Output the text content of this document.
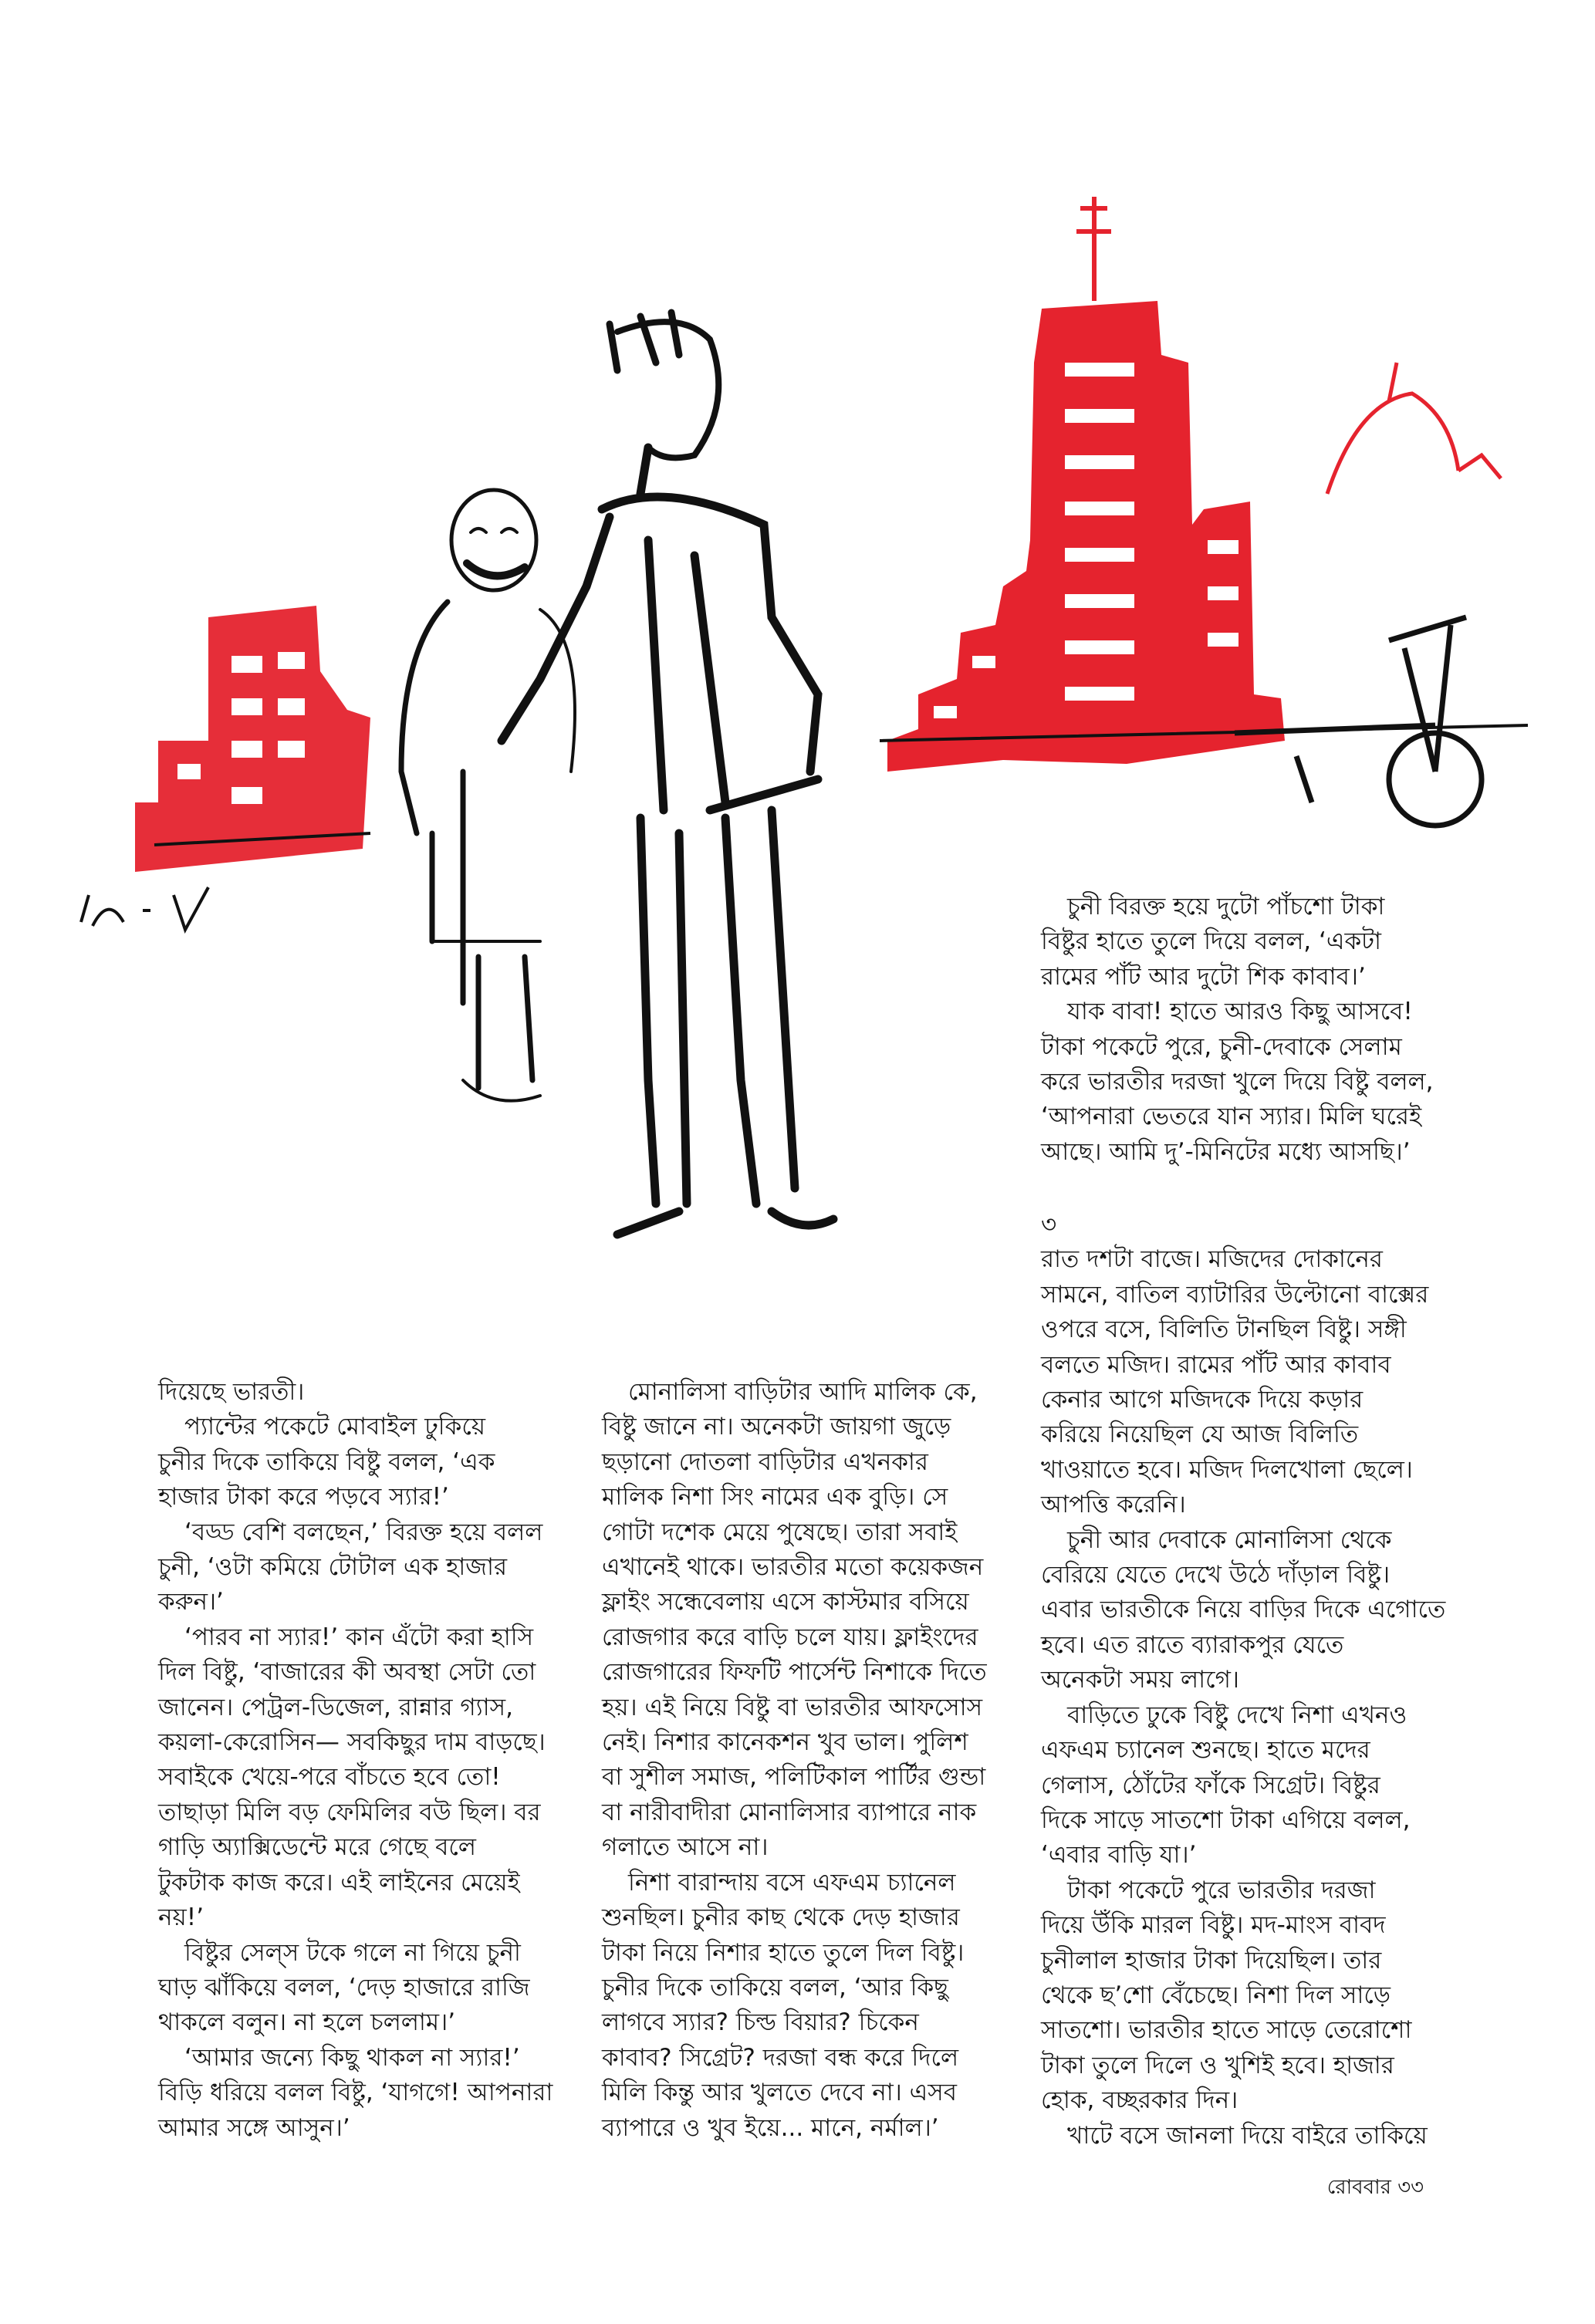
দিয়েছে ভারতী।

প্যান্টের পকেটে মোবাইল ঢুকিয়ে

চুনীর দিকে তাকিয়ে বিষ্টু বলল, ‘এক

হাজার টাকা করে পড়বে স্যার!’

‘বড্ড বেশি বলছেন,’ বিরক্ত হয়ে বলল

চুনী, ‘ওটা কমিয়ে টোটাল এক হাজার

করুন।’

‘পারব না স্যার!’ কান এঁটো করা হাসি

দিল বিষ্টু, ‘বাজারের কী অবস্থা সেটা তো

জানেন। পেট্রল-ডিজেল, রান্নার গ্যাস,

কয়লা-কেরোসিন— সবকিছুর দাম বাড়ছে।

সবাইকে খেয়ে-পরে বাঁচতে হবে তো!

তাছাড়া মিলি বড় ফেমিলির বউ ছিল। বর

গাড়ি অ্যাক্সিডেন্টে মরে গেছে বলে

টুকটাক কাজ করে। এই লাইনের মেয়েই

নয়!’

বিষ্টুর সেল্‌স টকে গলে না গিয়ে চুনী

ঘাড় ঝাঁকিয়ে বলল, ‘দেড় হাজারে রাজি

থাকলে বলুন। না হলে চললাম।’

‘আমার জন্যে কিছু থাকল না স্যার!’

বিড়ি ধরিয়ে বলল বিষ্টু, ‘যাগগে! আপনারা

আমার সঙ্গে আসুন।’

মোনালিসা বাড়িটার আদি মালিক কে,

বিষ্টু জানে না। অনেকটা জায়গা জুড়ে

ছড়ানো দোতলা বাড়িটার এখনকার

মালিক নিশা সিং নামের এক বুড়ি। সে

গোটা দশেক মেয়ে পুষেছে। তারা সবাই

এখানেই থাকে। ভারতীর মতো কয়েকজন

ফ্লাইং সন্ধেবেলায় এসে কাস্টমার বসিয়ে

রোজগার করে বাড়ি চলে যায়। ফ্লাইংদের

রোজগারের ফিফটি পার্সেন্ট নিশাকে দিতে

হয়। এই নিয়ে বিষ্টু বা ভারতীর আফসোস

নেই। নিশার কানেকশন খুব ভাল। পুলিশ

বা সুশীল সমাজ, পলিটিকাল পার্টির গুন্ডা

বা নারীবাদীরা মোনালিসার ব্যাপারে নাক

গলাতে আসে না।

নিশা বারান্দায় বসে এফএম চ্যানেল

শুনছিল। চুনীর কাছ থেকে দেড় হাজার

টাকা নিয়ে নিশার হাতে তুলে দিল বিষ্টু।

চুনীর দিকে তাকিয়ে বলল, ‘আর কিছু

লাগবে স্যার? চিল্ড বিয়ার? চিকেন

কাবাব? সিগ্রেট? দরজা বন্ধ করে দিলে

মিলি কিন্তু আর খুলতে দেবে না। এসব

ব্যাপারে ও খুব ইয়ে... মানে, নর্মাল।’

চুনী বিরক্ত হয়ে দুটো পাঁচশো টাকা

বিষ্টুর হাতে তুলে দিয়ে বলল, ‘একটা

রামের পাঁট আর দুটো শিক কাবাব।’

যাক বাবা! হাতে আরও কিছু আসবে!

টাকা পকেটে পুরে, চুনী-দেবাকে সেলাম

করে ভারতীর দরজা খুলে দিয়ে বিষ্টু বলল,

‘আপনারা ভেতরে যান স্যার। মিলি ঘরেই

আছে। আমি দু’-মিনিটের মধ্যে আসছি।’

৩

রাত দশটা বাজে। মজিদের দোকানের

সামনে, বাতিল ব্যাটারির উল্টোনো বাক্সের

ওপরে বসে, বিলিতি টানছিল বিষ্টু। সঙ্গী

বলতে মজিদ। রামের পাঁট আর কাবাব

কেনার আগে মজিদকে দিয়ে কড়ার

করিয়ে নিয়েছিল যে আজ বিলিতি

খাওয়াতে হবে। মজিদ দিলখোলা ছেলে।

আপত্তি করেনি।

চুনী আর দেবাকে মোনালিসা থেকে

বেরিয়ে যেতে দেখে উঠে দাঁড়াল বিষ্টু।

এবার ভারতীকে নিয়ে বাড়ির দিকে এগোতে

হবে। এত রাতে ব্যারাকপুর যেতে

অনেকটা সময় লাগে।

বাড়িতে ঢুকে বিষ্টু দেখে নিশা এখনও

এফএম চ্যানেল শুনছে। হাতে মদের

গেলাস, ঠোঁটের ফাঁকে সিগ্রেট। বিষ্টুর

দিকে সাড়ে সাতশো টাকা এগিয়ে বলল,

‘এবার বাড়ি যা।’

টাকা পকেটে পুরে ভারতীর দরজা

দিয়ে উঁকি মারল বিষ্টু। মদ-মাংস বাবদ

চুনীলাল হাজার টাকা দিয়েছিল। তার

থেকে ছ’শো বেঁচেছে। নিশা দিল সাড়ে

সাতশো। ভারতীর হাতে সাড়ে তেরোশো

টাকা তুলে দিলে ও খুশিই হবে। হাজার

হোক, বচ্ছরকার দিন।

খাটে বসে জানলা দিয়ে বাইরে তাকিয়ে

রোববার ৩৩
